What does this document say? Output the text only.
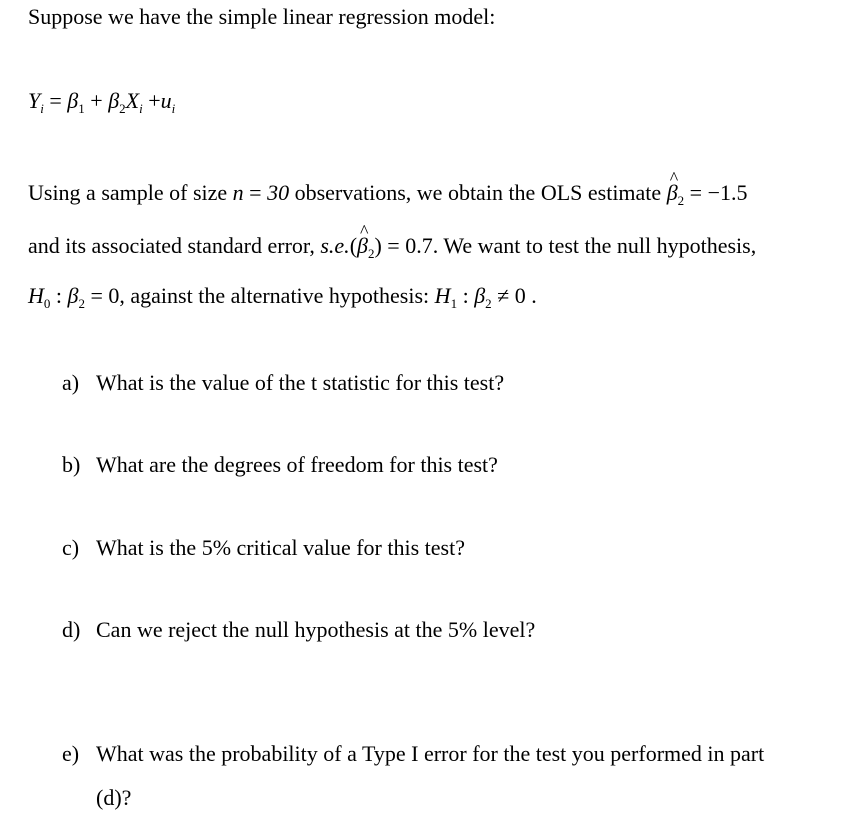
Suppose we have the simple linear regression model:
$Y_i = \beta_1 + \beta_2X_i +u_i$
Using a sample of size n = 30 observations, we obtain the OLS estimate ^ $\beta_2 = -1.5$
and its associated standard error, s.e.(^ $\beta_2) = 0.7$. We want to test the null hypothesis,
$H_0$ : $\beta_2 = 0$, against the alternative hypothesis: $H_1$ : $\beta_2 \ne 0$ .
a) What is the value of the t statistic for this test?
b) What are the degrees of freedom for this test?
c) What is the 5% critical value for this test?
d) Can we reject the null hypothesis at the 5% level?
e) What was the probability of a Type I error for the test you performed in part
(d)?
